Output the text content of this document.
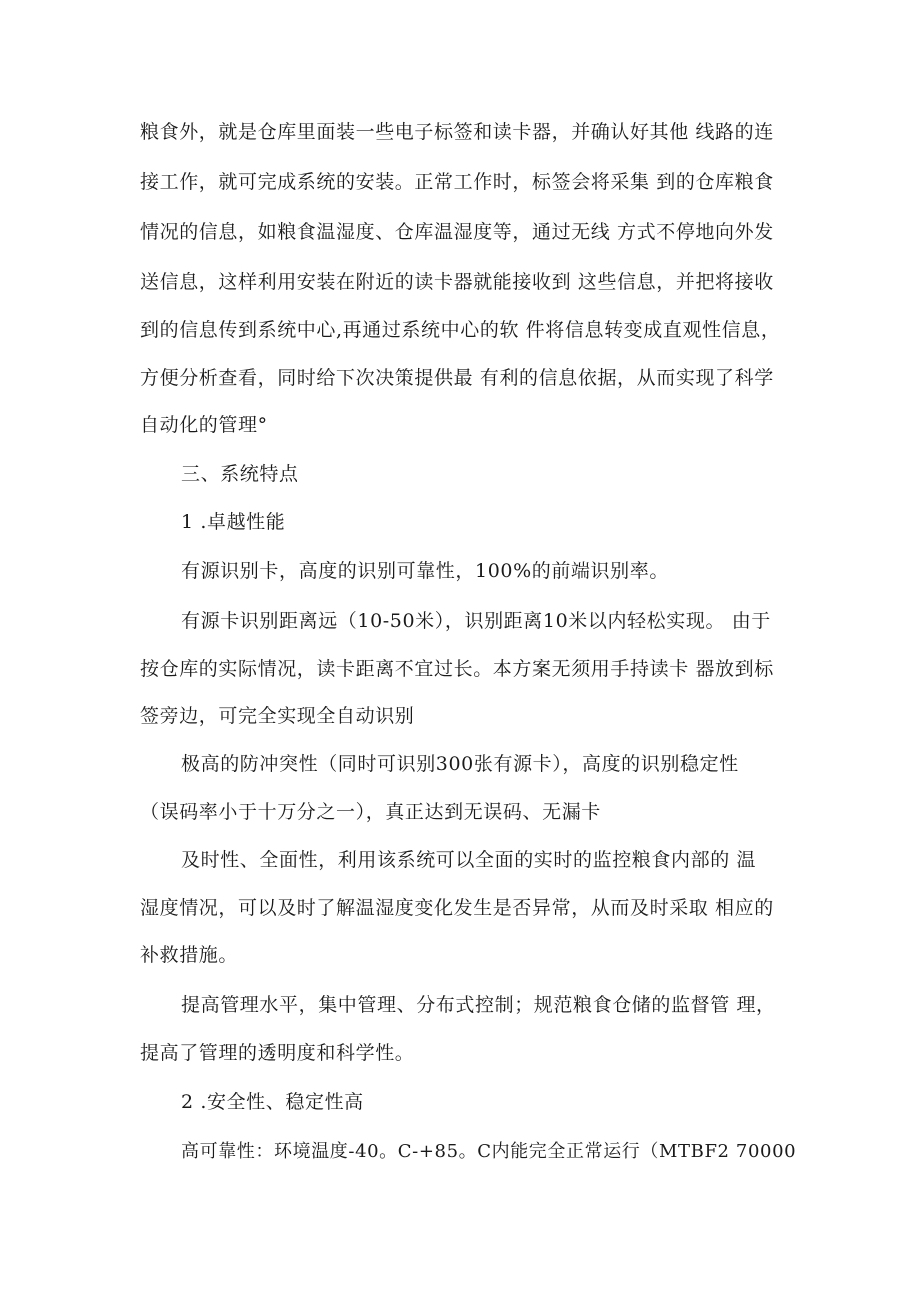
粮食外，就是仓库里面装一些电子标签和读卡器，并确认好其他 线路的连
接工作，就可完成系统的安装。正常工作时，标签会将采集 到的仓库粮食
情况的信息，如粮食温湿度、仓库温湿度等，通过无线 方式不停地向外发
送信息，这样利用安装在附近的读卡器就能接收到 这些信息，并把将接收
到的信息传到系统中心,再通过系统中心的软 件将信息转变成直观性信息，
方便分析查看，同时给下次决策提供最 有利的信息依据，从而实现了科学
自动化的管理°
三、系统特点
1 .卓越性能
有源识别卡，高度的识别可靠性，100%的前端识别率。
有源卡识别距离远（10-50米），识别距离10米以内轻松实现。 由于
按仓库的实际情况，读卡距离不宜过长。本方案无须用手持读卡 器放到标
签旁边，可完全实现全自动识别
极高的防冲突性（同时可识别300张有源卡），高度的识别稳定性
（误码率小于十万分之一），真正达到无误码、无漏卡
及时性、全面性，利用该系统可以全面的实时的监控粮食内部的 温
湿度情况，可以及时了解温湿度变化发生是否异常，从而及时采取 相应的
补救措施。
提高管理水平，集中管理、分布式控制；规范粮食仓储的监督管 理，
提高了管理的透明度和科学性。
2 .安全性、稳定性高
高可靠性：环境温度-40。C-+85。C内能完全正常运行（MTBF2 70000
